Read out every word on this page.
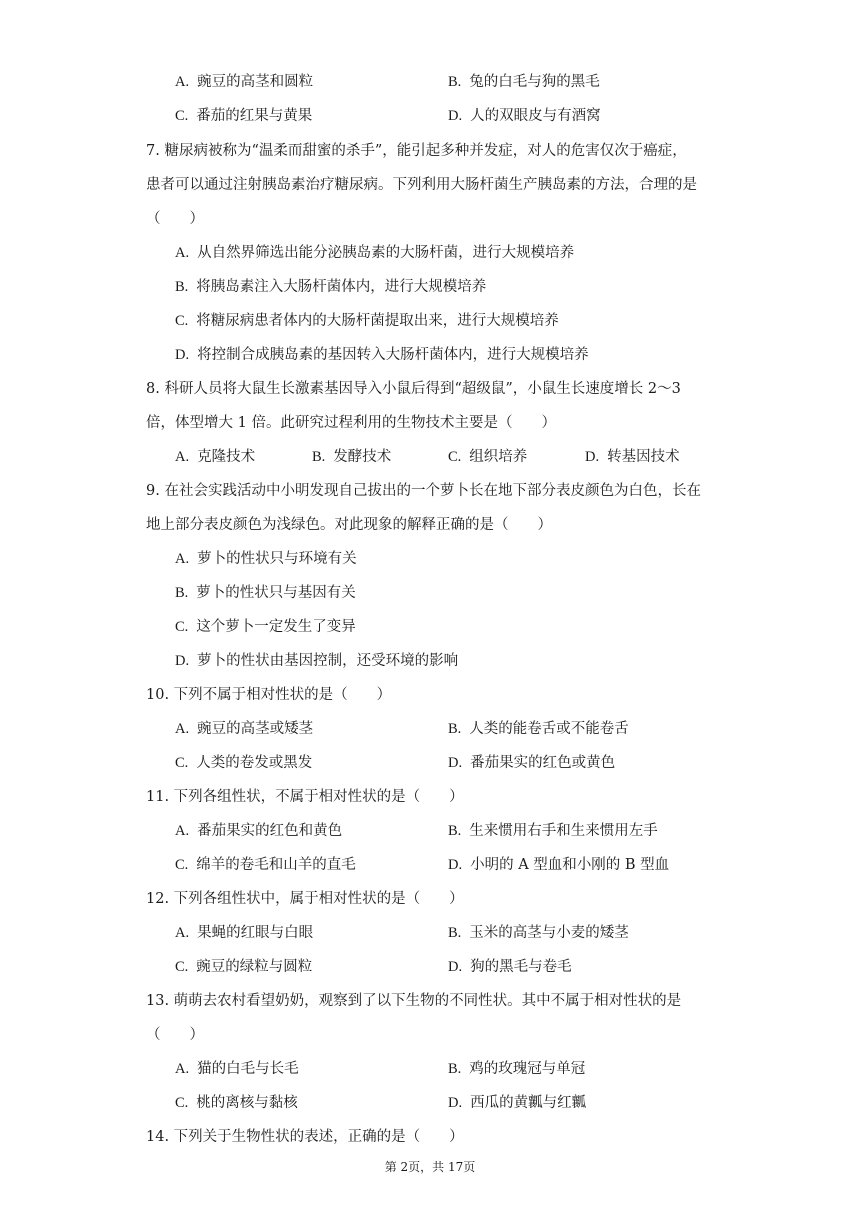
A. 豌豆的高茎和圆粒	B. 兔的白毛与狗的黑毛
C. 番茄的红果与黄果	D. 人的双眼皮与有酒窝
7. 糖尿病被称为“温柔而甜蜜的杀手”，能引起多种并发症，对人的危害仅次于癌症，
患者可以通过注射胰岛素治疗糖尿病。下列利用大肠杆菌生产胰岛素的方法，合理的是
（　　）
A. 从自然界筛选出能分泌胰岛素的大肠杆菌，进行大规模培养
B. 将胰岛素注入大肠杆菌体内，进行大规模培养
C. 将糖尿病患者体内的大肠杆菌提取出来，进行大规模培养
D. 将控制合成胰岛素的基因转入大肠杆菌体内，进行大规模培养
8. 科研人员将大鼠生长激素基因导入小鼠后得到“超级鼠”，小鼠生长速度增长 2～3
倍，体型增大 1 倍。此研究过程利用的生物技术主要是（　　）
A. 克隆技术	B. 发酵技术	C. 组织培养	D. 转基因技术
9. 在社会实践活动中小明发现自己拔出的一个萝卜长在地下部分表皮颜色为白色，长在
地上部分表皮颜色为浅绿色。对此现象的解释正确的是（　　）
A. 萝卜的性状只与环境有关
B. 萝卜的性状只与基因有关
C. 这个萝卜一定发生了变异
D. 萝卜的性状由基因控制，还受环境的影响
10. 下列不属于相对性状的是（　　）
A. 豌豆的高茎或矮茎	B. 人类的能卷舌或不能卷舌
C. 人类的卷发或黑发	D. 番茄果实的红色或黄色
11. 下列各组性状，不属于相对性状的是（　　）
A. 番茄果实的红色和黄色	B. 生来惯用右手和生来惯用左手
C. 绵羊的卷毛和山羊的直毛	D. 小明的 A 型血和小刚的 B 型血
12. 下列各组性状中，属于相对性状的是（　　）
A. 果蝇的红眼与白眼	B. 玉米的高茎与小麦的矮茎
C. 豌豆的绿粒与圆粒	D. 狗的黑毛与卷毛
13. 萌萌去农村看望奶奶，观察到了以下生物的不同性状。其中不属于相对性状的是
（　　）
A. 猫的白毛与长毛	B. 鸡的玫瑰冠与单冠
C. 桃的离核与黏核	D. 西瓜的黄瓤与红瓤
14. 下列关于生物性状的表述，正确的是（　　）
第 2页，共 17页
